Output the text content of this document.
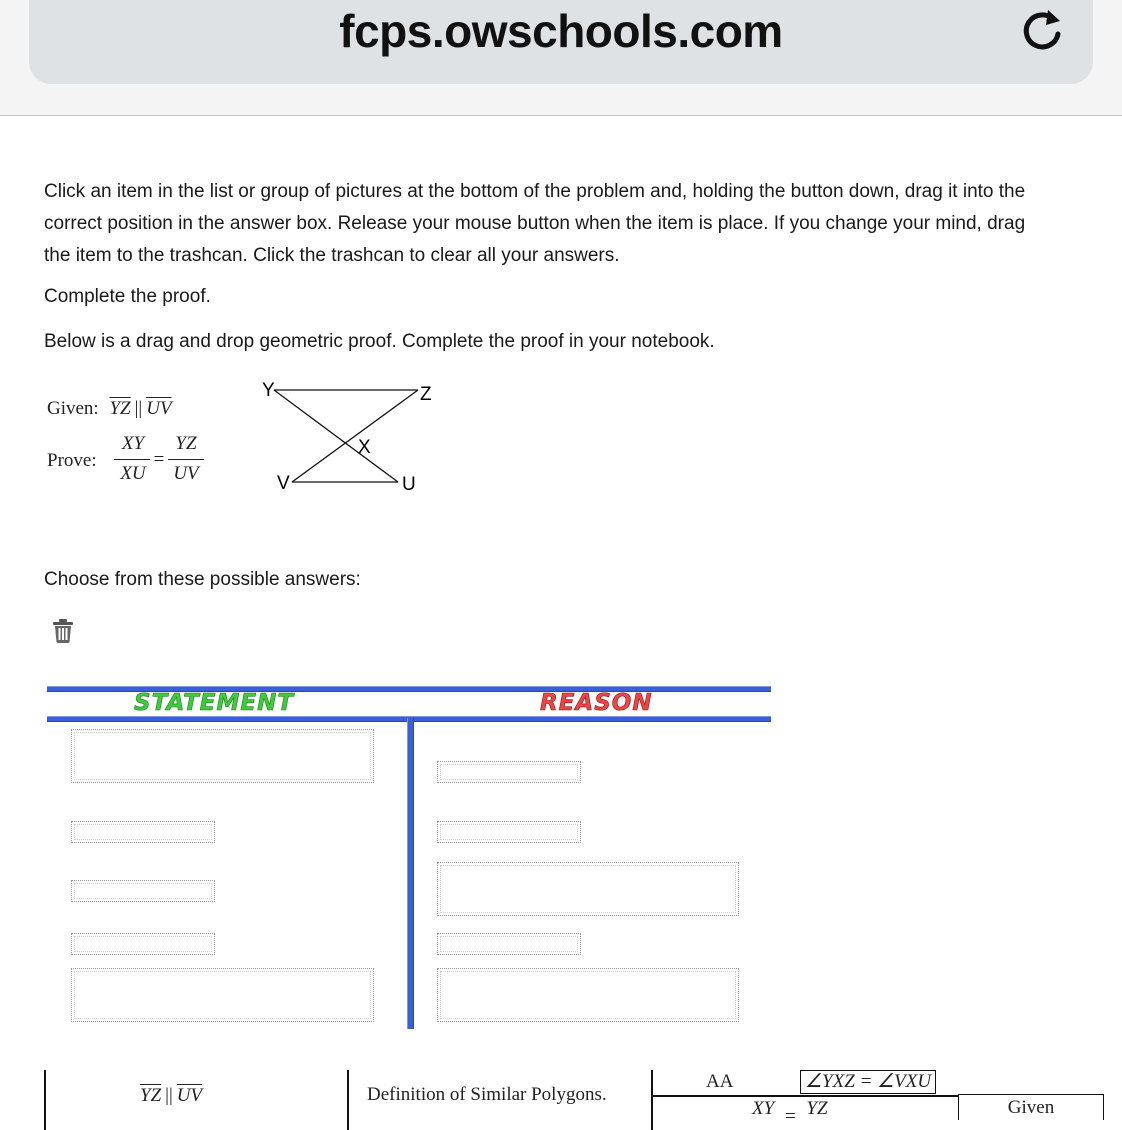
fcps.owschools.com
Click an item in the list or group of pictures at the bottom of the problem and, holding the button down, drag it into the
correct position in the answer box. Release your mouse button when the item is place. If you change your mind, drag
the item to the trashcan. Click the trashcan to clear all your answers.
Complete the proof.
Below is a drag and drop geometric proof. Complete the proof in your notebook.
Given: $\overline{YZ}$ || $\overline{UV}$
Prove:
XY
XU
=
YZ
UV
Y	Z
X
V	U
Choose from these possible answers:
STATEMENT	REASON
$\overline{YZ}$ || $\overline{UV}$	Definition of Similar Polygons.
AA	∠YXZ = ∠VXU
XY = YZ	Given
